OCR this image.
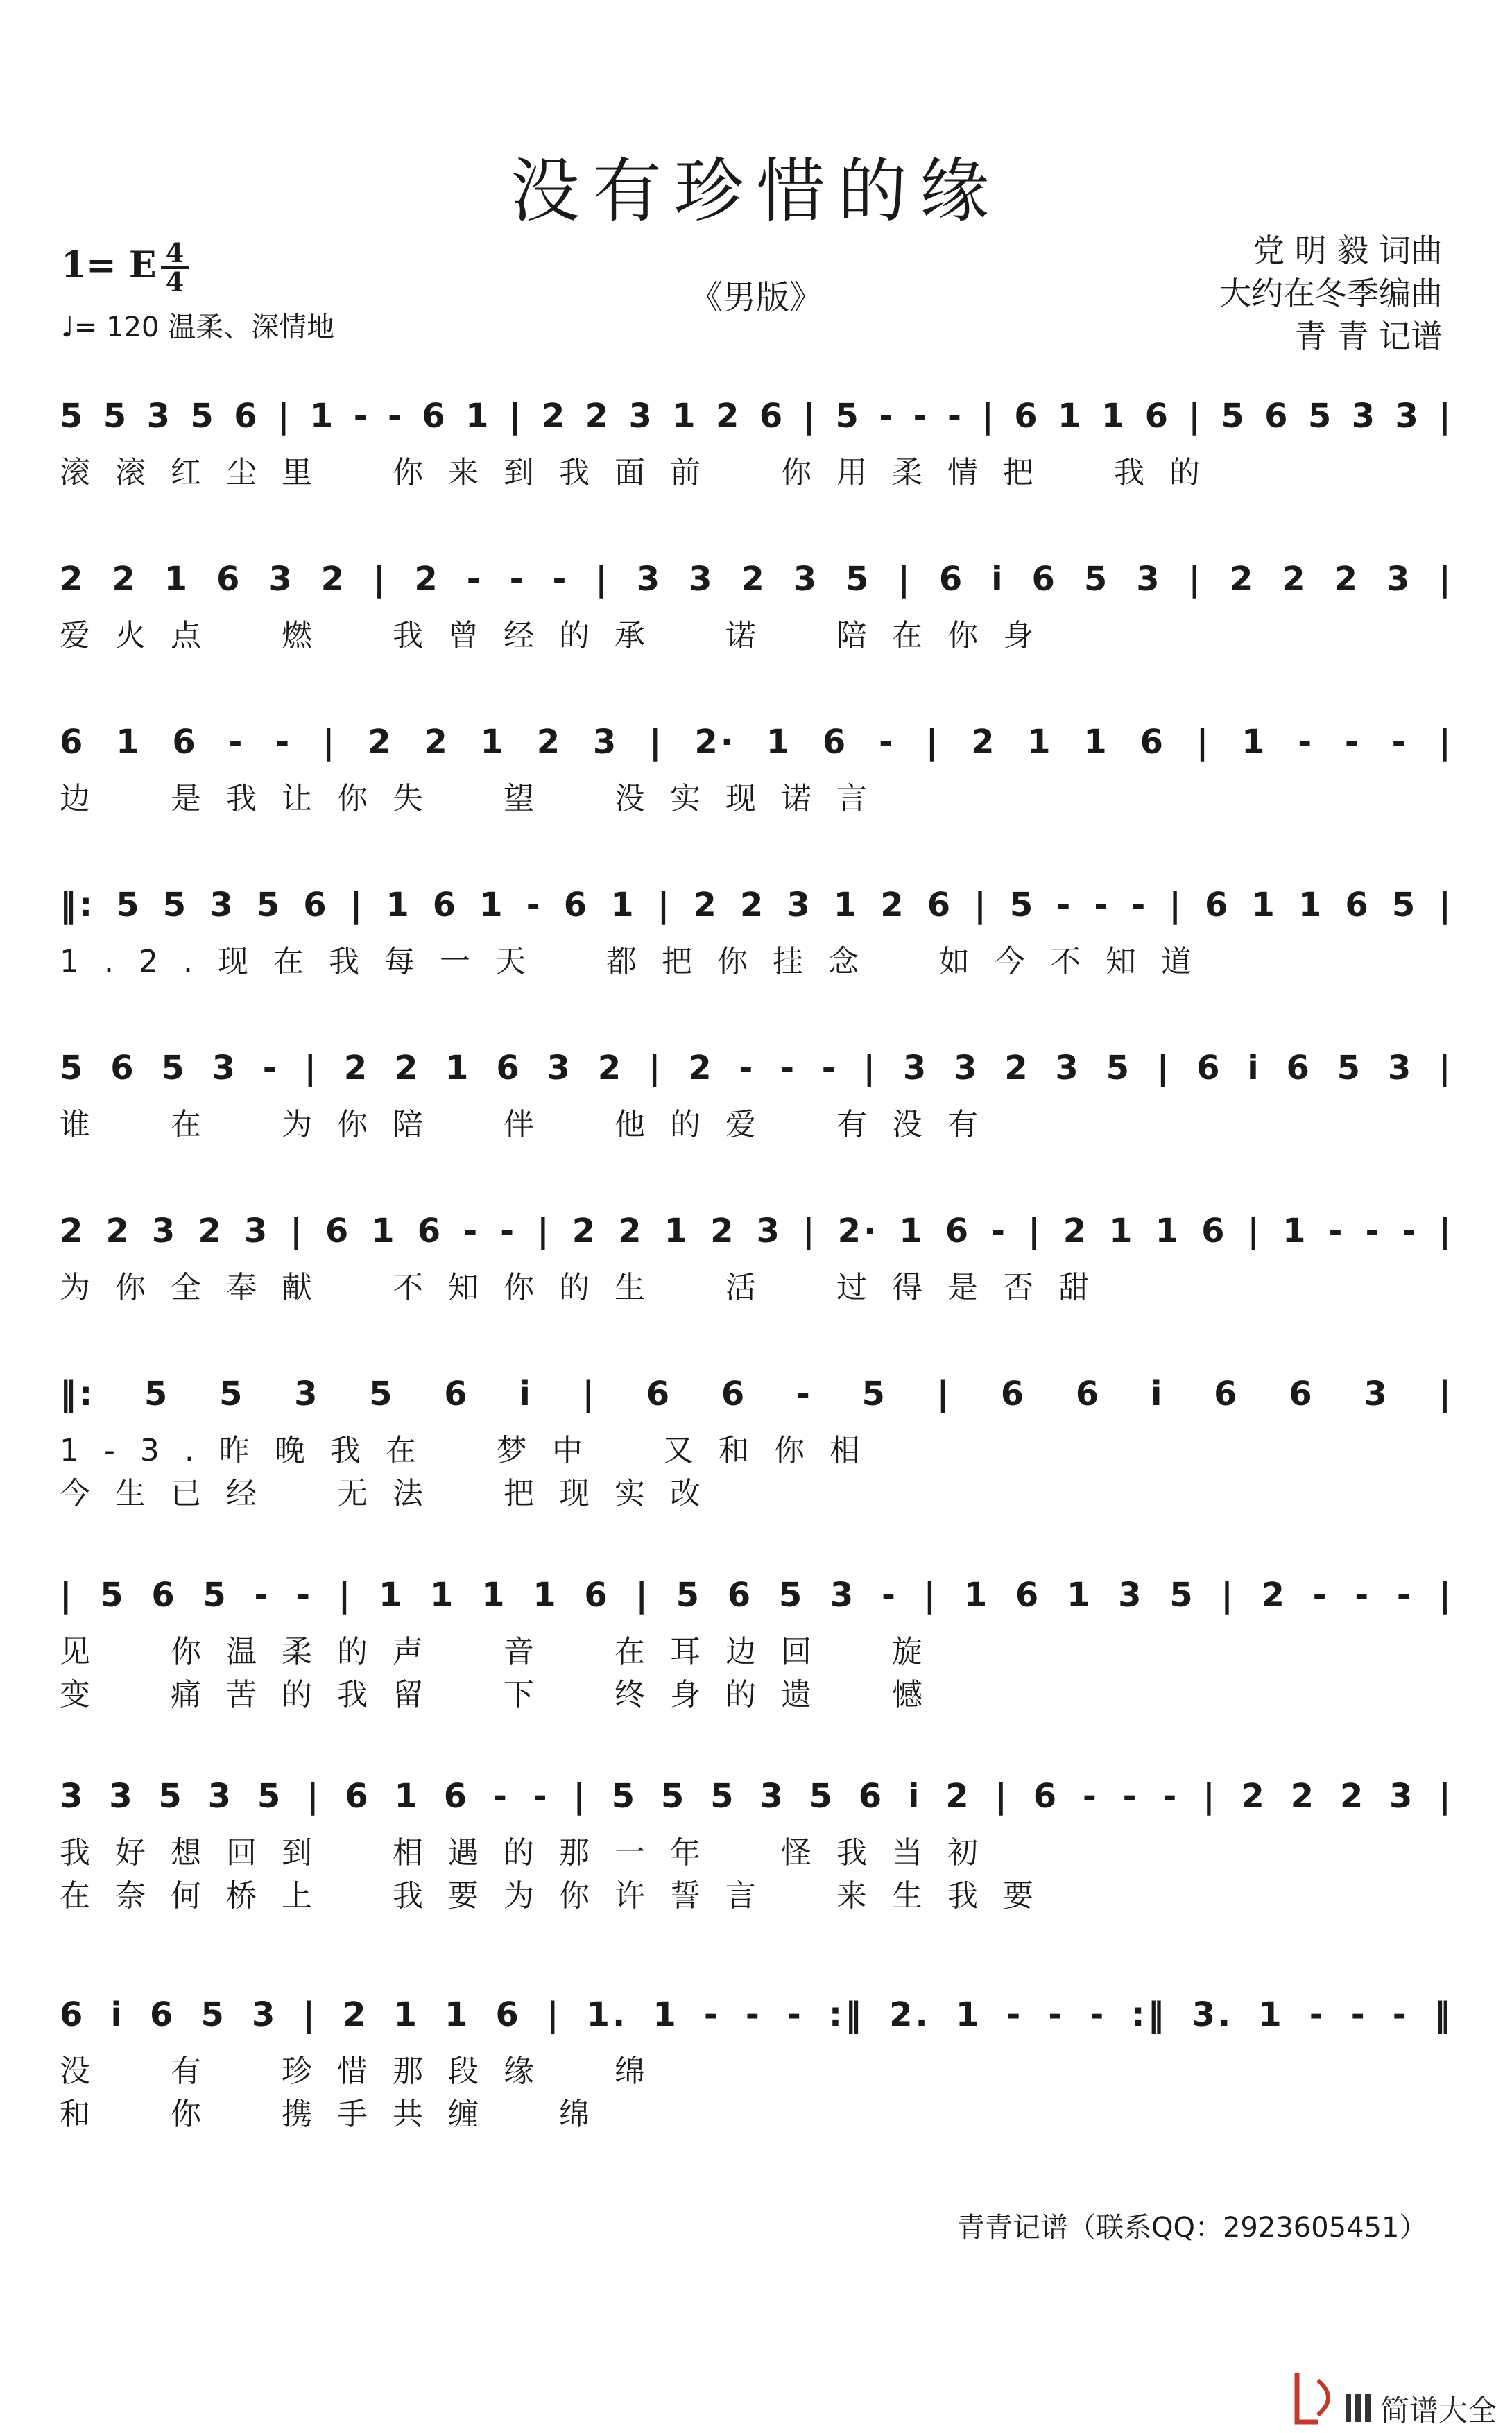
没有珍惜的缘
1= E 4
4
♩= 120 温柔、深情地
《男版》
党 明 毅 词曲
大约在冬季编曲
青 青 记谱
5 5 3 5 6 | 1 - - 6 1 | 2 2 3 1 2 6 | 5 - - - | 6 1 1 6 | 5 6 5 3 3 |
滚滚红尘里　你来到我面前　你用柔情把　我的
2 2 1 6 3 2 | 2 - - - | 3 3 2 3 5 | 6 i 6 5 3 | 2 2 2 3 |
爱火点　燃　我曾经的承　诺　陪在你身
6 1 6 - - | 2 2 1 2 3 | 2· 1 6 - | 2 1 1 6 | 1 - - - |
边　是我让你失　望　没实现诺言
‖: 5 5 3 5 6 | 1 6 1 - 6 1 | 2 2 3 1 2 6 | 5 - - - | 6 1 1 6 5 |
1.2.现在我每一天　都把你挂念　如今不知道
5 6 5 3 - | 2 2 1 6 3 2 | 2 - - - | 3 3 2 3 5 | 6 i 6 5 3 |
谁　在　为你陪　伴　他的爱　有没有
2 2 3 2 3 | 6 1 6 - - | 2 2 1 2 3 | 2· 1 6 - | 2 1 1 6 | 1 - - - |
为你全奉献　不知你的生　活　过得是否甜
‖: 5 5 3 5 6 i | 6 6 - 5 | 6 6 i 6 6 3 |
1-3.昨晚我在　梦中　又和你相
今生已经　无法　把现实改
| 5 6 5 - - | 1 1 1 1 6 | 5 6 5 3 - | 1 6 1 3 5 | 2 - - - |
见　你温柔的声　音　在耳边回　旋
变　痛苦的我留　下　终身的遗　憾
3 3 5 3 5 | 6 1 6 - - | 5 5 5 3 5 6 i 2 | 6 - - - | 2 2 2 3 |
我好想回到　相遇的那一年　怪我当初
在奈何桥上　我要为你许誓言　来生我要
6 i 6 5 3 | 2 1 1 6 | 1. 1 - - - :‖ 2. 1 - - - :‖ 3. 1 - - - ‖
没　有　珍惜那段缘　绵
和　你　携手共缠　绵
青青记谱（联系QQ：2923605451）
简谱大全
